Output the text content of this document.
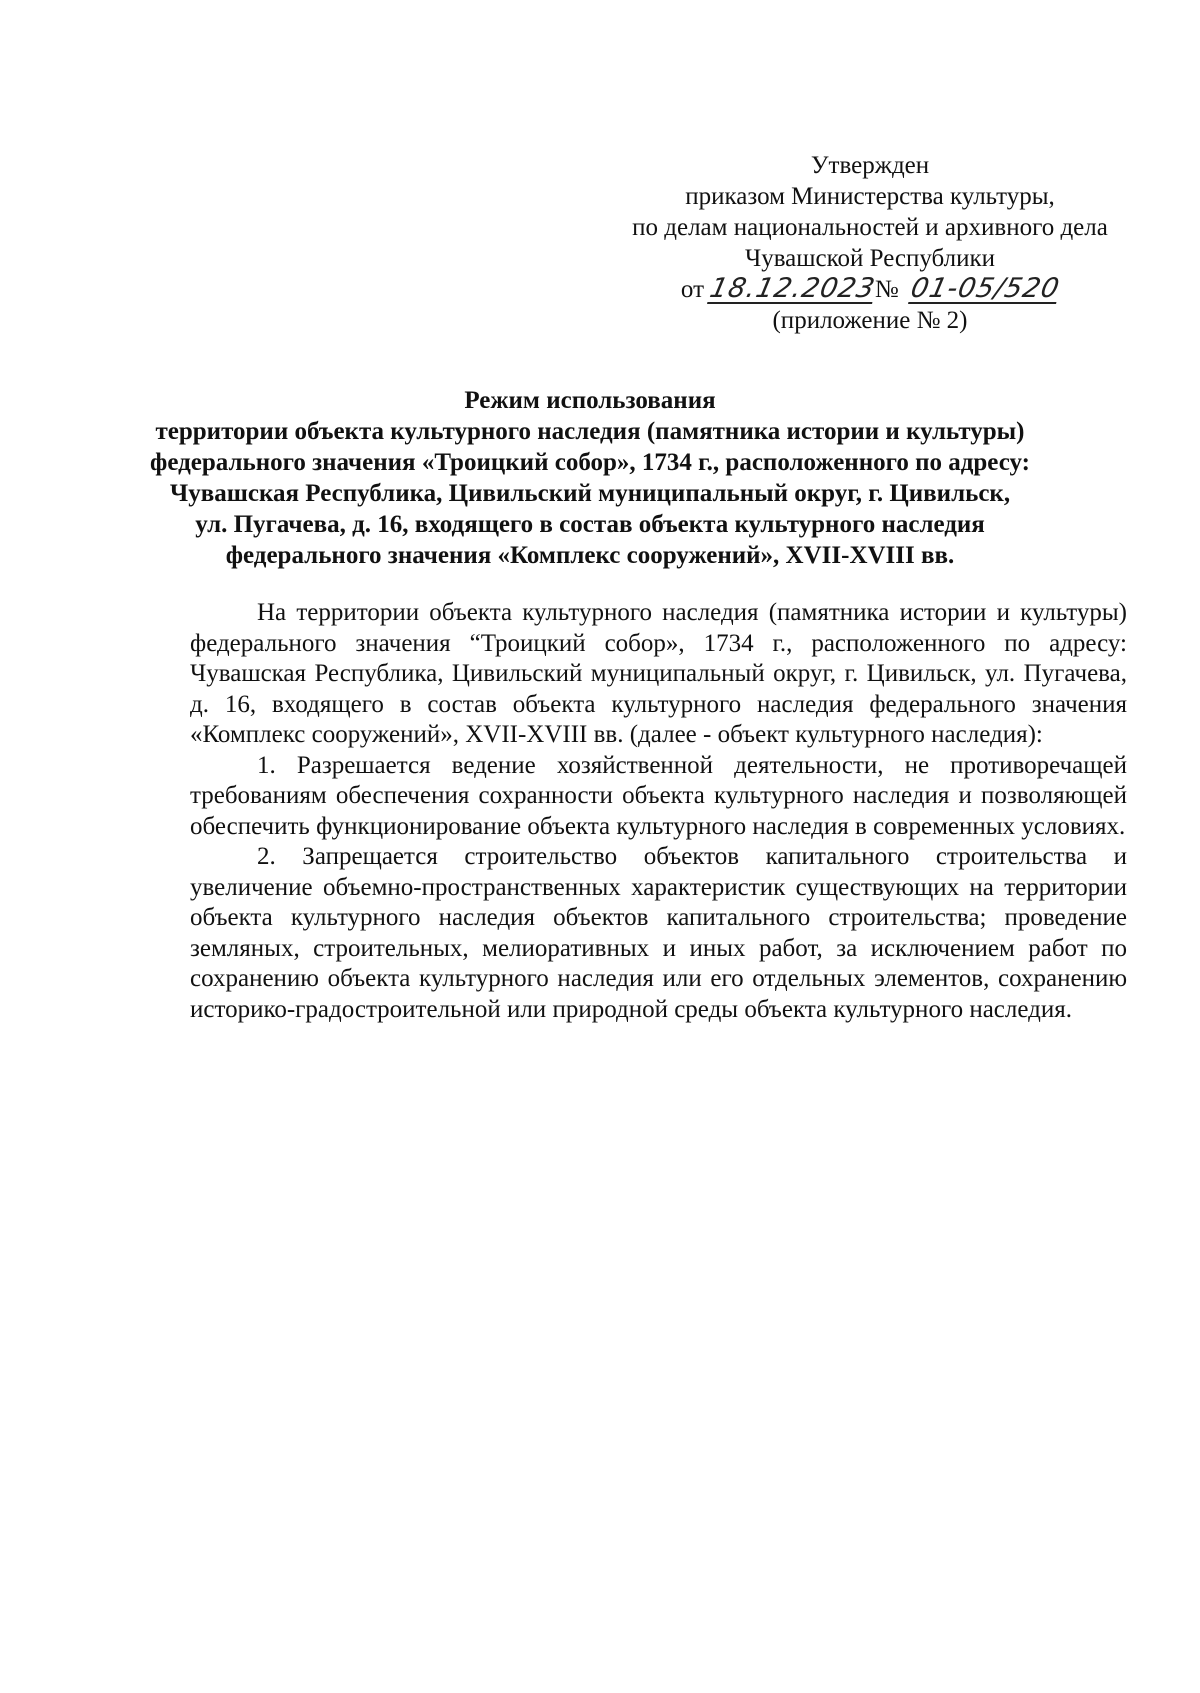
Утвержден
приказом Министерства культуры,
по делам национальностей и архивного дела
Чувашской Республики
от 18.12.2023№ 01-05/520
(приложение № 2)
Режим использования
территории объекта культурного наследия (памятника истории и культуры)
федерального значения «Троицкий собор», 1734 г., расположенного по адресу:
Чувашская Республика, Цивильский муниципальный округ, г. Цивильск,
ул. Пугачева, д. 16, входящего в состав объекта культурного наследия
федерального значения «Комплекс сооружений», XVII-XVIII вв.

На территории объекта культурного наследия (памятника истории и культуры) федерального значения “Троицкий собор», 1734 г., расположенного по адресу: Чувашская Республика, Цивильский муниципальный округ, г. Цивильск, ул. Пугачева, д. 16, входящего в состав объекта культурного наследия федерального значения «Комплекс сооружений», XVII-XVIII вв. (далее - объект культурного наследия):

1. Разрешается ведение хозяйственной деятельности, не противоречащей требованиям обеспечения сохранности объекта культурного наследия и позволяющей обеспечить функционирование объекта культурного наследия в современных условиях.

2. Запрещается строительство объектов капитального строительства и увеличение объемно-пространственных характеристик существующих на территории объекта культурного наследия объектов капитального строительства; проведение земляных, строительных, мелиоративных и иных работ, за исключением работ по сохранению объекта культурного наследия или его отдельных элементов, сохранению историко-градостроительной или природной среды объекта культурного наследия.
